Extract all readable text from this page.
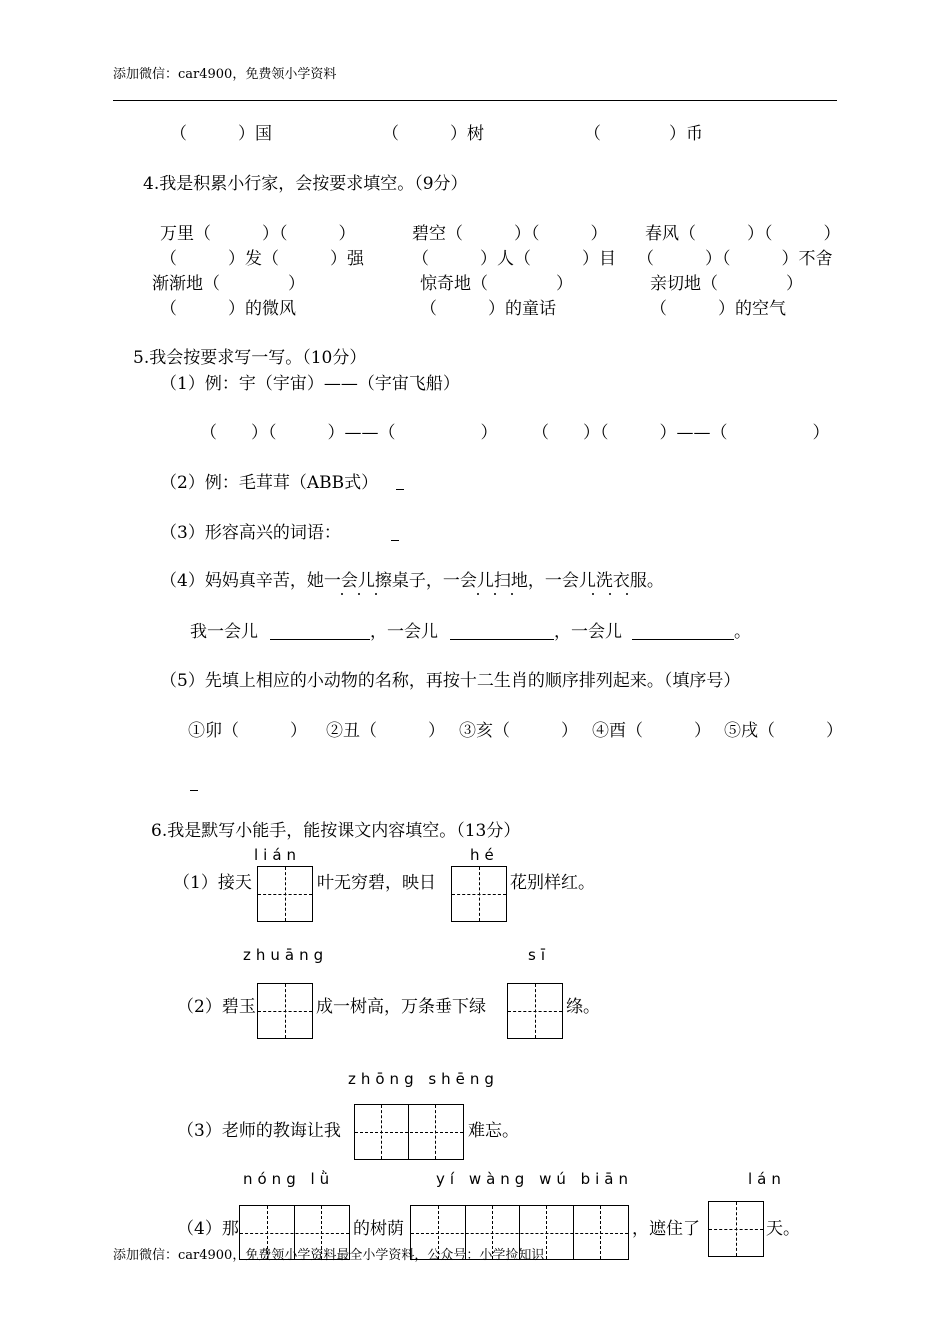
添加微信：car4900，免费领小学资料
（　　　）国	（　　　）树	（　　　　）币
4.我是积累小行家，会按要求填空。（9分）
万里（　　　）（　　　）	碧空（　　　）（　　　） 春风（　　　）（　　　）
（　　　）发（　　　）强	（　　　）人（　　　）目 （　　　）（　　　）不舍
渐渐地（　　　　）	惊奇地（　　　　）	亲切地（　　　　）
（　　　）的微风	（　　　）的童话	（　　　）的空气
5.我会按要求写一写。（10分）
（1）例：宇（宇宙）——（宇宙飞船）
（　　）（　　　）——（　　　　　） （　　）（　　　）——（　　　　　）
（2）例：毛茸茸（ABB式）
（3）形容高兴的词语：
（4）妈妈真辛苦，她一会儿擦桌子，一会儿扫地，一会儿洗衣服。
我一会儿	，一会儿	，一会儿	。
（5）先填上相应的小动物的名称，再按十二生肖的顺序排列起来。（填序号）
①卯（　　　） ②丑（　　　） ③亥（　　　） ④酉（　　　） ⑤戌（　　　）
6.我是默写小能手，能按课文内容填空。（13分）
lián	hé
（1）接天	叶无穷碧，映日	花别样红。
zhuāng	sī
（2）碧玉	成一树高，万条垂下绿	绦。
zhōng shēng
（3）老师的教诲让我	难忘。
nóng lǜ	yí wàng wú biān	lán
（4）那	的树荫	，遮住了	天。
添加微信：car4900，免费领小学资料最全小学资料，公众号：小学捡知识
